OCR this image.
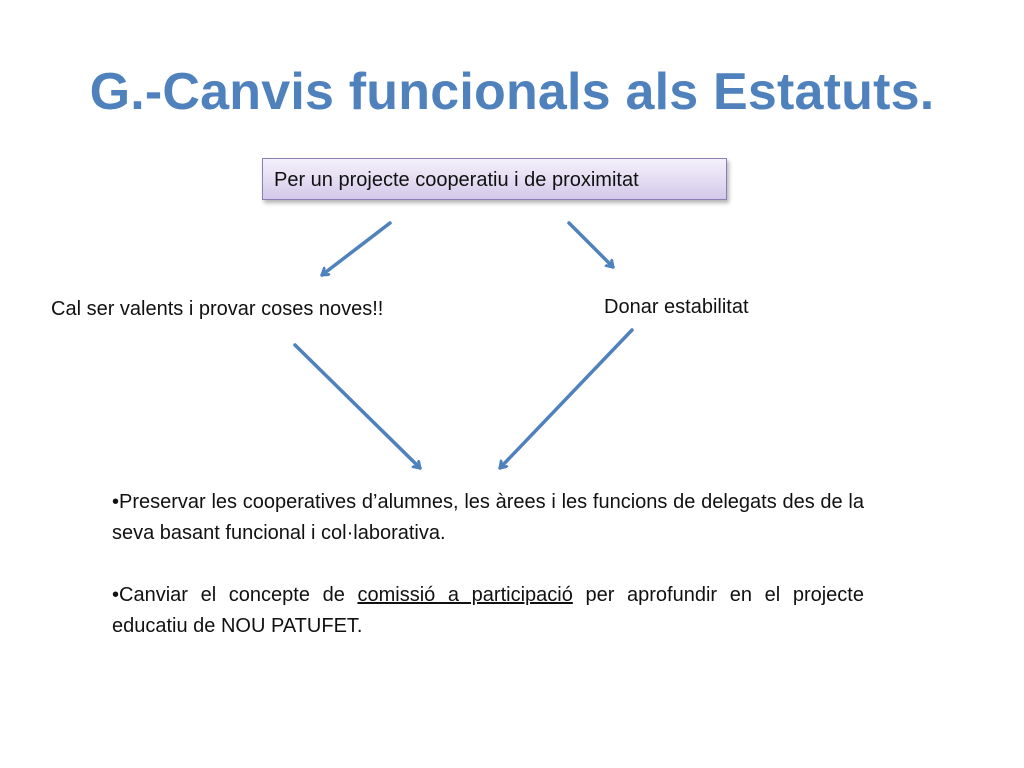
G.-Canvis funcionals als Estatuts.
Per un projecte cooperatiu i de proximitat
Cal ser valents i provar coses noves!!	Donar estabilitat

•Preservar les cooperatives d’alumnes, les àrees i les funcions de delegats des de la seva basant funcional i col·laborativa.

•Canviar el concepte de comissió a participació per aprofundir en el projecte educatiu de NOU PATUFET.
